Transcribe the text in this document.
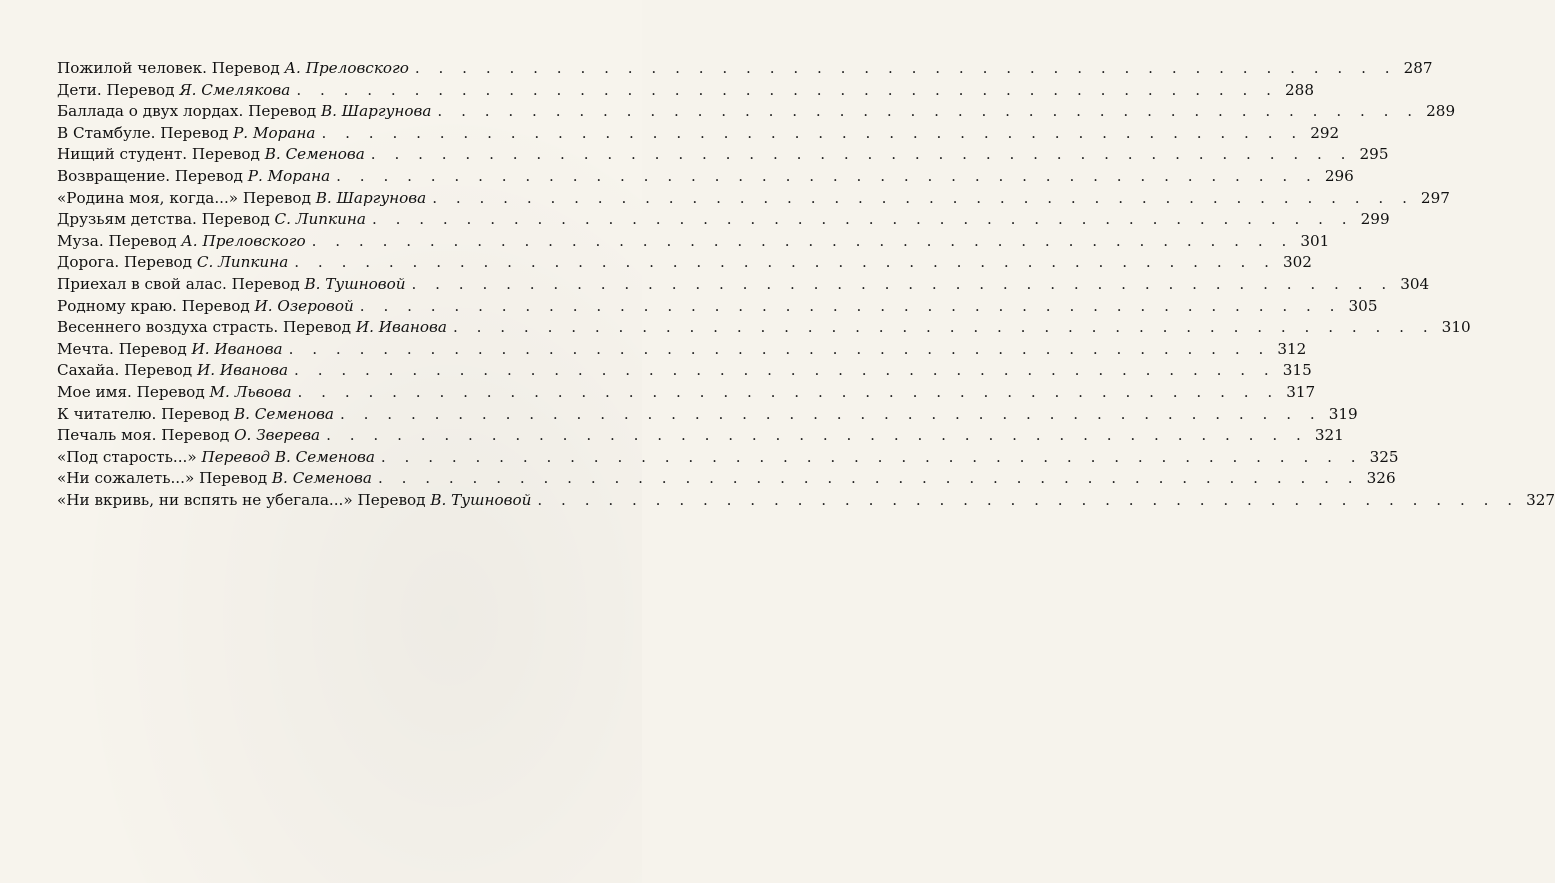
Пожилой человек. Перевод А. Преловского . . .	287
Дети. Перевод Я. Смелякова . . .	288
Баллада о двух лордах. Перевод В. Шаргунова . . .	289
В Стамбуле. Перевод Р. Морана . . .	292
Нищий студент. Перевод В. Семенова . . .	295
Возвращение. Перевод Р. Морана . . .	296
«Родина моя, когда...» Перевод В. Шаргунова . . .	297
Друзьям детства. Перевод С. Липкина . . .	299
Муза. Перевод А. Преловского . . .	301
Дорога. Перевод С. Липкина . . .	302
Приехал в свой алас. Перевод В. Тушновой . . .	304
Родному краю. Перевод И. Озеровой . . .	305
Весеннего воздуха страсть. Перевод И. Иванова . . .	310
Мечта. Перевод И. Иванова . . .	312
Сахайа. Перевод И. Иванова . . .	315
Мое имя. Перевод М. Львова . . .	317
К читателю. Перевод В. Семенова . . .	319
Печаль моя. Перевод О. Зверева . . .	321
«Под старость...» Перевод В. Семенова . . .	325
«Ни сожалеть...» Перевод В. Семенова . . .	326
«Ни вкривь, ни вспять не убегала...» Перевод В. Тушновой . . .	327
